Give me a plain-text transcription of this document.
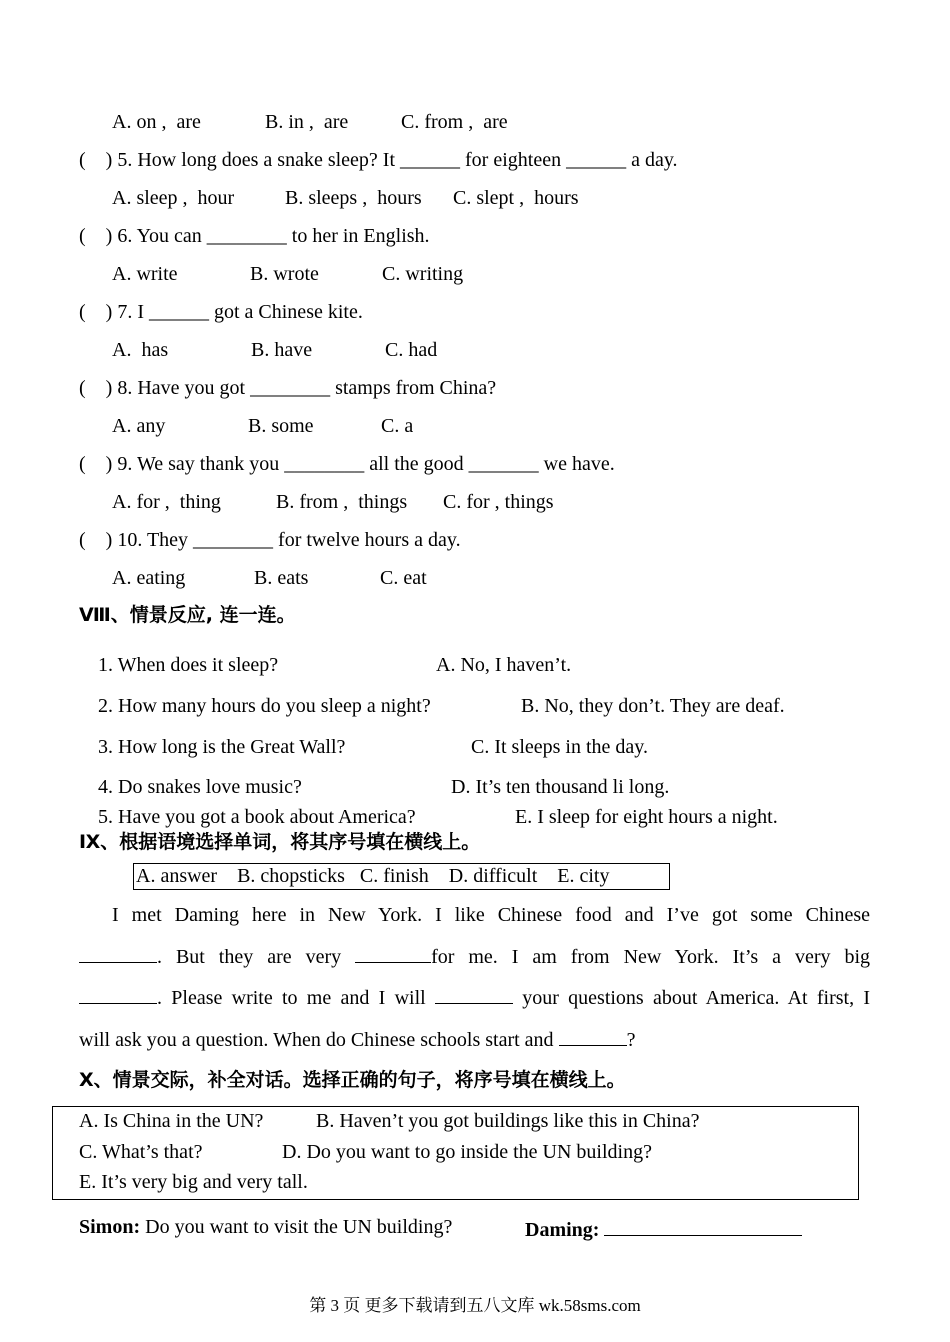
A. on ,  are	B. in ,  are	C. from ,  are
(    ) 5. How long does a snake sleep? It ______ for eighteen ______ a day.
A. sleep ,  hour	B. sleeps ,  hours C. slept ,  hours
(    ) 6. You can ________ to her in English.
A. write	B. wrote	C. writing
(    ) 7. I ______ got a Chinese kite.
A.  has	B. have	C. had
(    ) 8. Have you got ________ stamps from China?
A. any	B. some	C. a
(    ) 9. We say thank you ________ all the good _______ we have.
A. for ,  thing	B. from ,  things C. for , things
(    ) 10. They ________ for twelve hours a day.
A. eating	B. eats	C. eat
Ⅷ、情景反应, 连一连。
1. When does it sleep?	A. No, I haven’t.
2. How many hours do you sleep a night?	B. No, they don’t. They are deaf.
3. How long is the Great Wall?	C. It sleeps in the day.
4. Do snakes love music?	D. It’s ten thousand li long.
5. Have you got a book about America?	E. I sleep for eight hours a night.
Ⅸ、根据语境选择单词，将其序号填在横线上。
A. answer    B. chopsticks   C. finish    D. difficult    E. city
I met Daming here in New York. I like Chinese food and I’ve got some Chinese
. But they are very	for me. I am from New York. It’s a very big
. Please write to me and I will	your questions about America. At first, I
will ask you a question. When do Chinese schools start and	?
Ⅹ、情景交际，补全对话。选择正确的句子，将序号填在横线上。
A. Is China in the UN?	B. Haven’t you got buildings like this in China?
C. What’s that?	D. Do you want to go inside the UN building?
E. It’s very big and very tall.
Simon: Do you want to visit the UN building?	Daming:
第 3 页 更多下载请到五八文库 wk.58sms.com
